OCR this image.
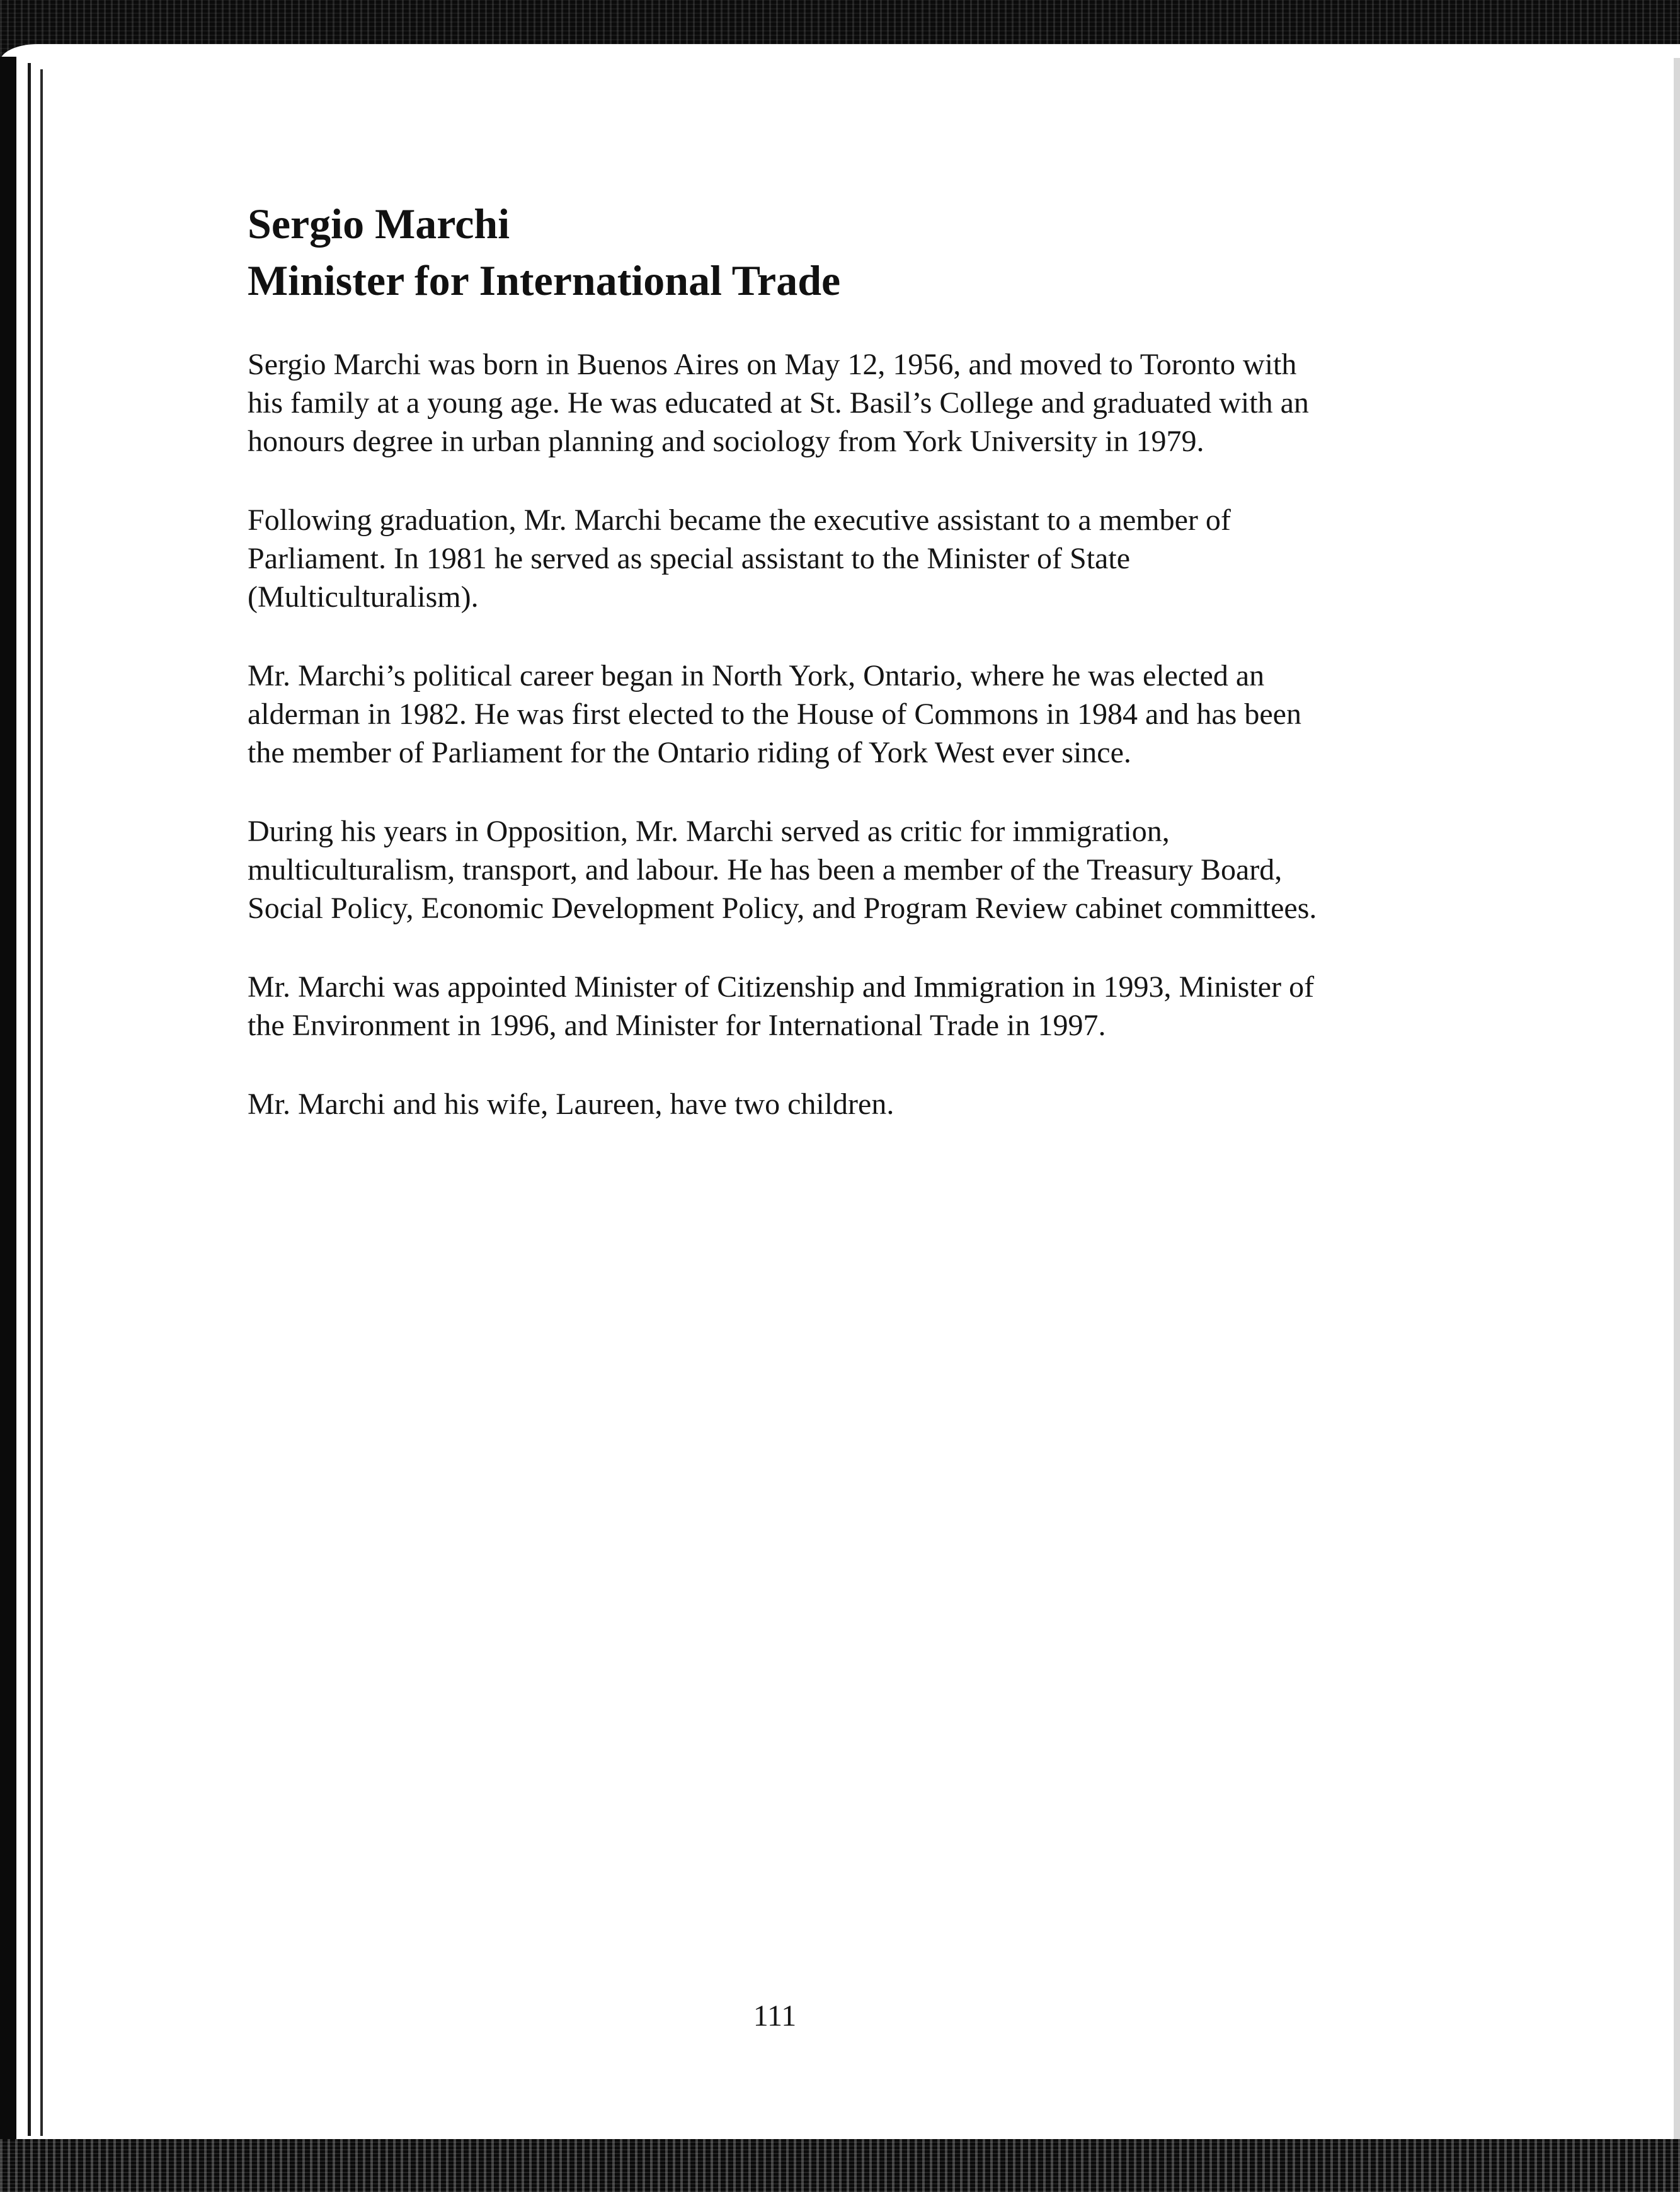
Sergio Marchi
Minister for International Trade

Sergio Marchi was born in Buenos Aires on May 12, 1956, and moved to Toronto with his family at a young age. He was educated at St. Basil’s College and graduated with an honours degree in urban planning and sociology from York University in 1979.

Following graduation, Mr. Marchi became the executive assistant to a member of Parliament. In 1981 he served as special assistant to the Minister of State (Multiculturalism).

Mr. Marchi’s political career began in North York, Ontario, where he was elected an alderman in 1982. He was first elected to the House of Commons in 1984 and has been the member of Parliament for the Ontario riding of York West ever since.

During his years in Opposition, Mr. Marchi served as critic for immigration, multiculturalism, transport, and labour. He has been a member of the Treasury Board, Social Policy, Economic Development Policy, and Program Review cabinet committees.

Mr. Marchi was appointed Minister of Citizenship and Immigration in 1993, Minister of the Environment in 1996, and Minister for International Trade in 1997.

Mr. Marchi and his wife, Laureen, have two children.

111
